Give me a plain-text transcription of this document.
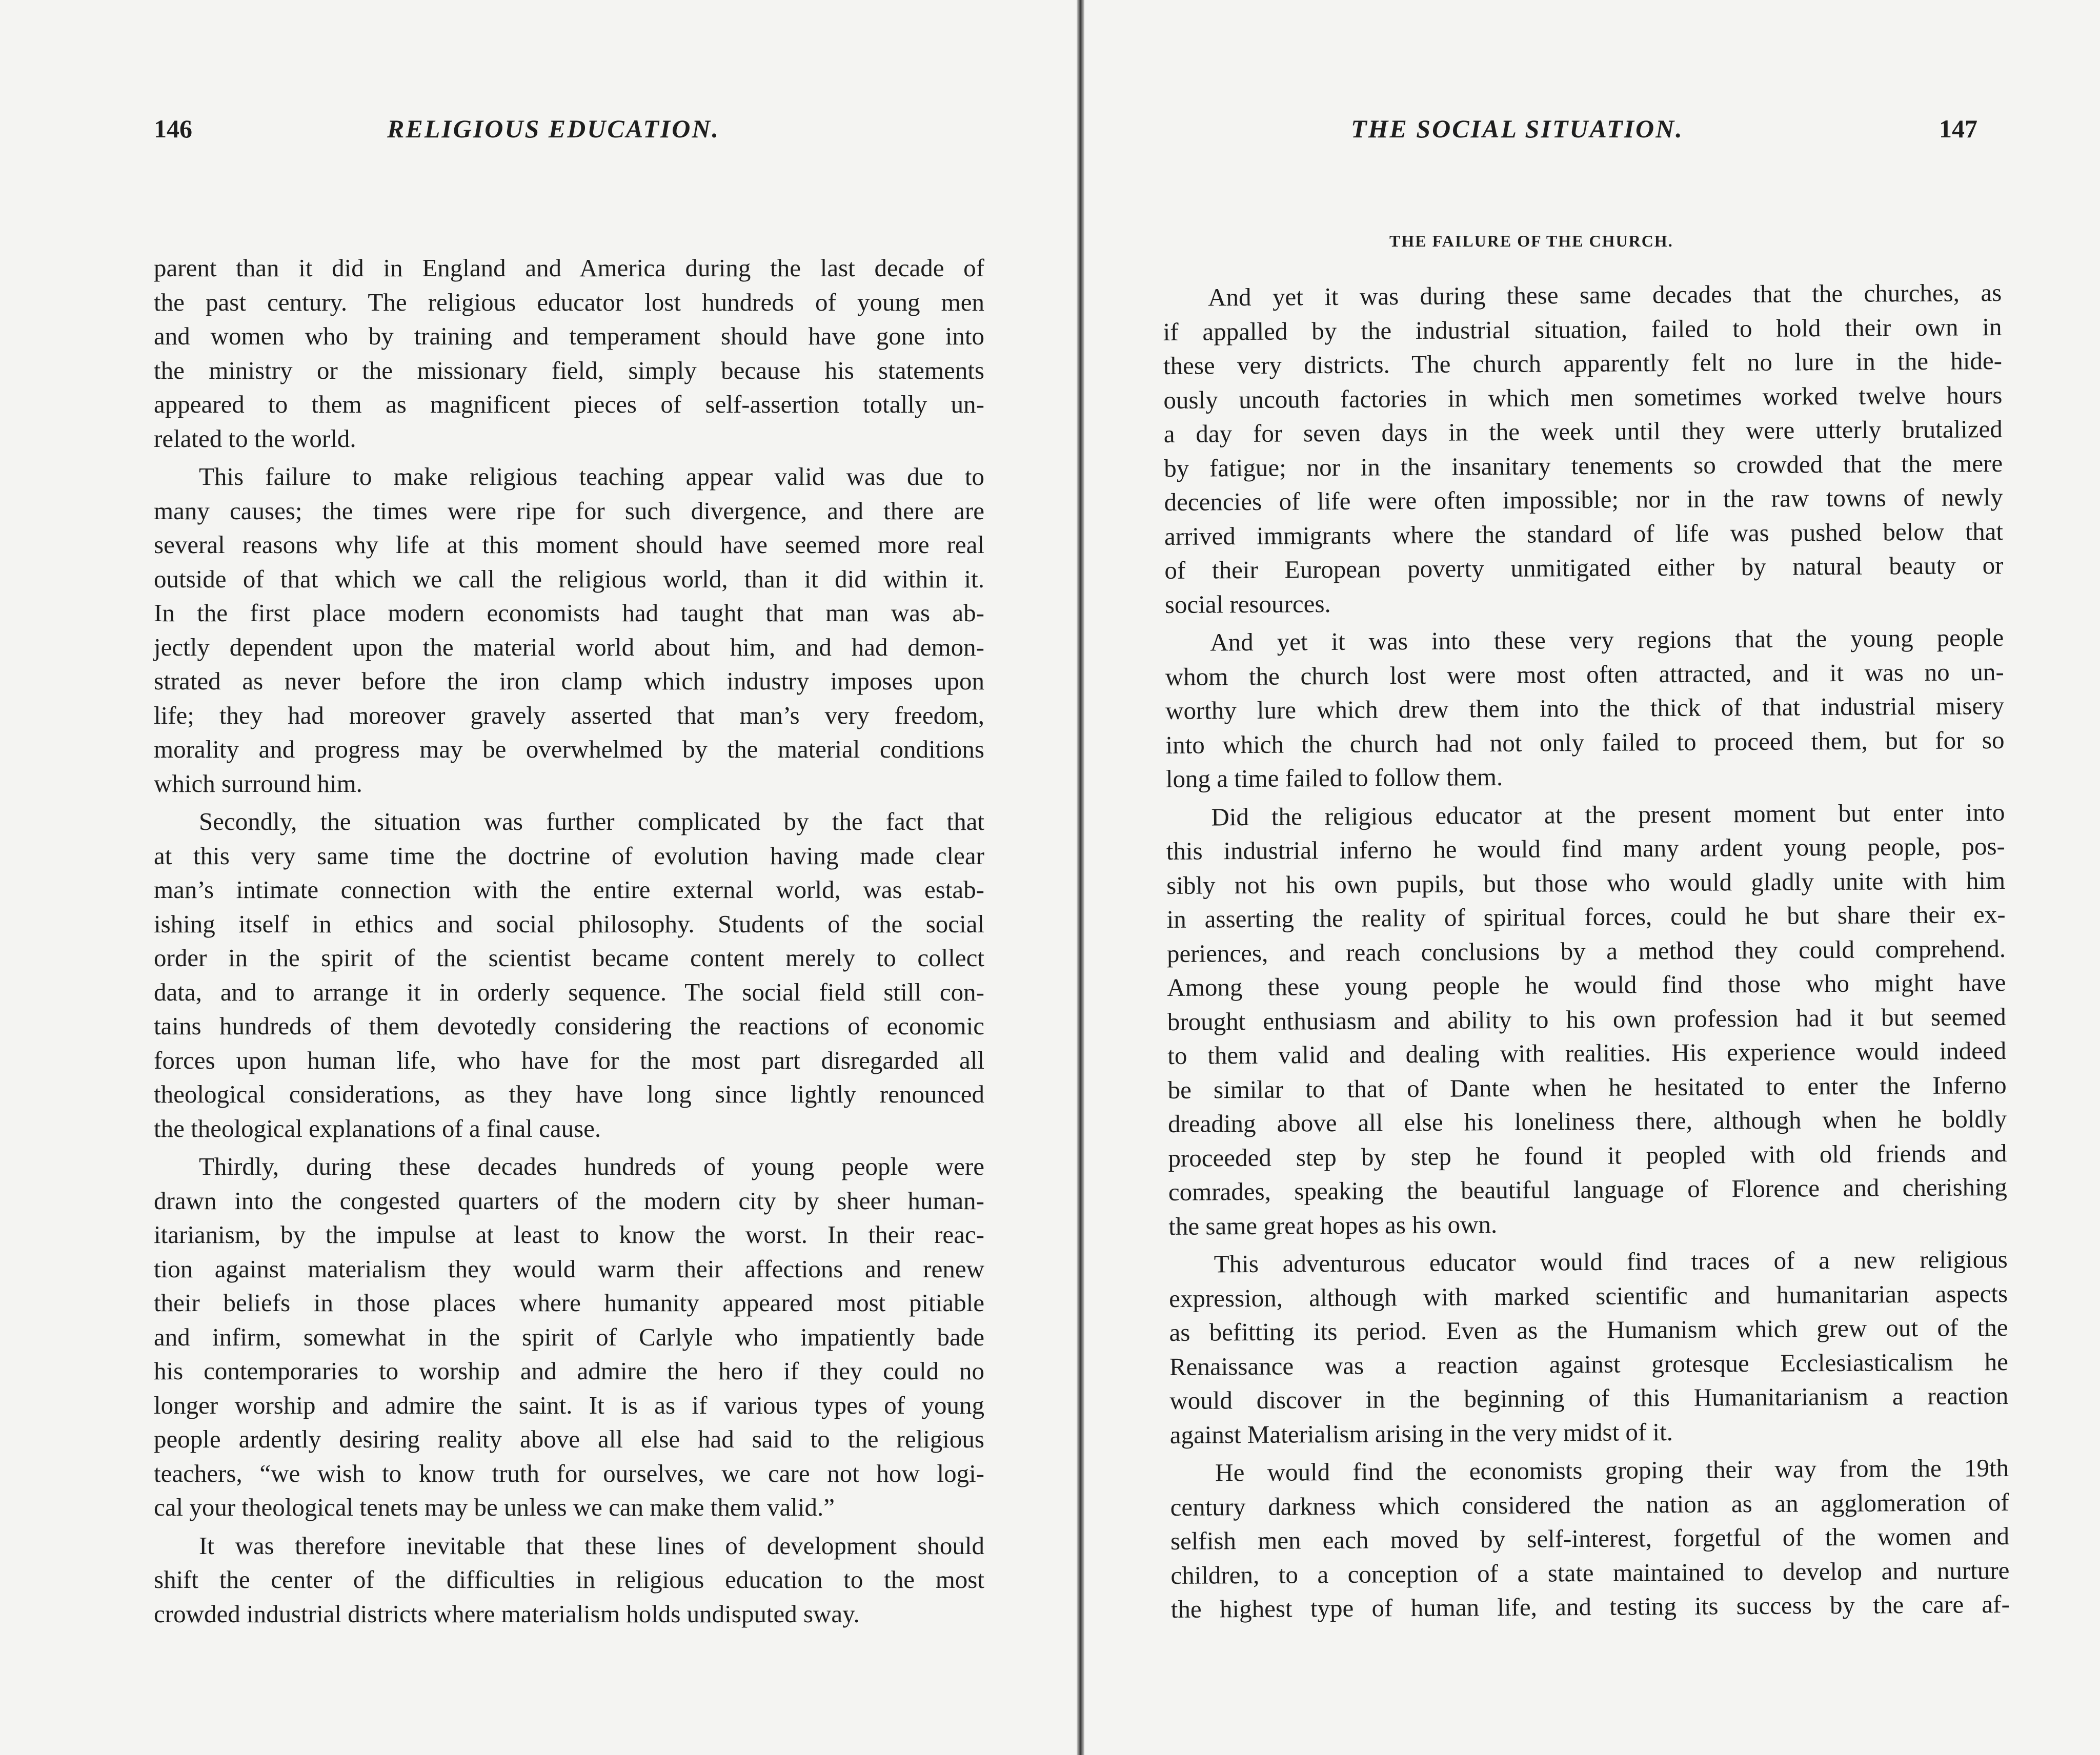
146	RELIGIOUS EDUCATION.
parent than it did in England and America during the last decade of
the past century. The religious educator lost hundreds of young men
and women who by training and temperament should have gone into
the ministry or the missionary field, simply because his statements
appeared to them as magnificent pieces of self-assertion totally un-
related to the world.
This failure to make religious teaching appear valid was due to
many causes; the times were ripe for such divergence, and there are
several reasons why life at this moment should have seemed more real
outside of that which we call the religious world, than it did within it.
In the first place modern economists had taught that man was ab-
jectly dependent upon the material world about him, and had demon-
strated as never before the iron clamp which industry imposes upon
life; they had moreover gravely asserted that man’s very freedom,
morality and progress may be overwhelmed by the material conditions
which surround him.
Secondly, the situation was further complicated by the fact that
at this very same time the doctrine of evolution having made clear
man’s intimate connection with the entire external world, was estab-
ishing itself in ethics and social philosophy. Students of the social
order in the spirit of the scientist became content merely to collect
data, and to arrange it in orderly sequence. The social field still con-
tains hundreds of them devotedly considering the reactions of economic
forces upon human life, who have for the most part disregarded all
theological considerations, as they have long since lightly renounced
the theological explanations of a final cause.
Thirdly, during these decades hundreds of young people were
drawn into the congested quarters of the modern city by sheer human-
itarianism, by the impulse at least to know the worst. In their reac-
tion against materialism they would warm their affections and renew
their beliefs in those places where humanity appeared most pitiable
and infirm, somewhat in the spirit of Carlyle who impatiently bade
his contemporaries to worship and admire the hero if they could no
longer worship and admire the saint. It is as if various types of young
people ardently desiring reality above all else had said to the religious
teachers, “we wish to know truth for ourselves, we care not how logi-
cal your theological tenets may be unless we can make them valid.”
It was therefore inevitable that these lines of development should
shift the center of the difficulties in religious education to the most
crowded industrial districts where materialism holds undisputed sway.
THE SOCIAL SITUATION.	147
THE FAILURE OF THE CHURCH.
And yet it was during these same decades that the churches, as
if appalled by the industrial situation, failed to hold their own in
these very districts. The church apparently felt no lure in the hide-
ously uncouth factories in which men sometimes worked twelve hours
a day for seven days in the week until they were utterly brutalized
by fatigue; nor in the insanitary tenements so crowded that the mere
decencies of life were often impossible; nor in the raw towns of newly
arrived immigrants where the standard of life was pushed below that
of their European poverty unmitigated either by natural beauty or
social resources.
And yet it was into these very regions that the young people
whom the church lost were most often attracted, and it was no un-
worthy lure which drew them into the thick of that industrial misery
into which the church had not only failed to proceed them, but for so
long a time failed to follow them.
Did the religious educator at the present moment but enter into
this industrial inferno he would find many ardent young people, pos-
sibly not his own pupils, but those who would gladly unite with him
in asserting the reality of spiritual forces, could he but share their ex-
periences, and reach conclusions by a method they could comprehend.
Among these young people he would find those who might have
brought enthusiasm and ability to his own profession had it but seemed
to them valid and dealing with realities. His experience would indeed
be similar to that of Dante when he hesitated to enter the Inferno
dreading above all else his loneliness there, although when he boldly
proceeded step by step he found it peopled with old friends and
comrades, speaking the beautiful language of Florence and cherishing
the same great hopes as his own.
This adventurous educator would find traces of a new religious
expression, although with marked scientific and humanitarian aspects
as befitting its period. Even as the Humanism which grew out of the
Renaissance was a reaction against grotesque Ecclesiasticalism he
would discover in the beginning of this Humanitarianism a reaction
against Materialism arising in the very midst of it.
He would find the economists groping their way from the 19th
century darkness which considered the nation as an agglomeration of
selfish men each moved by self-interest, forgetful of the women and
children, to a conception of a state maintained to develop and nurture
the highest type of human life, and testing its success by the care af-
